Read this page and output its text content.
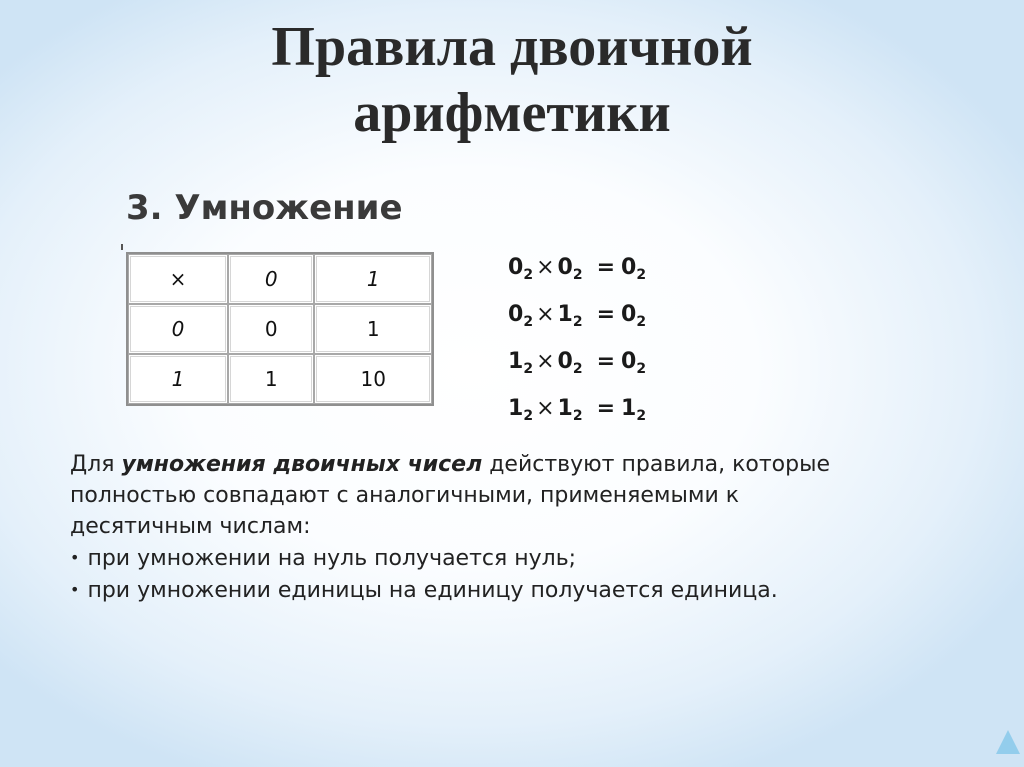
Правила двоичной
арифметики
3. Умножение
×	0	1
0	0	1
1	1	10
$0_2 \times 0_2 = 0_2$
$0_2 \times 1_2 = 0_2$
$1_2 \times 0_2 = 0_2$
$1_2 \times 1_2 = 1_2$

Для умножения двоичных чисел действуют правила, которые

полностью совпадают с аналогичными, применяемыми к

десятичным числам:

• при умножении на нуль получается нуль;

• при умножении единицы на единицу получается единица.
